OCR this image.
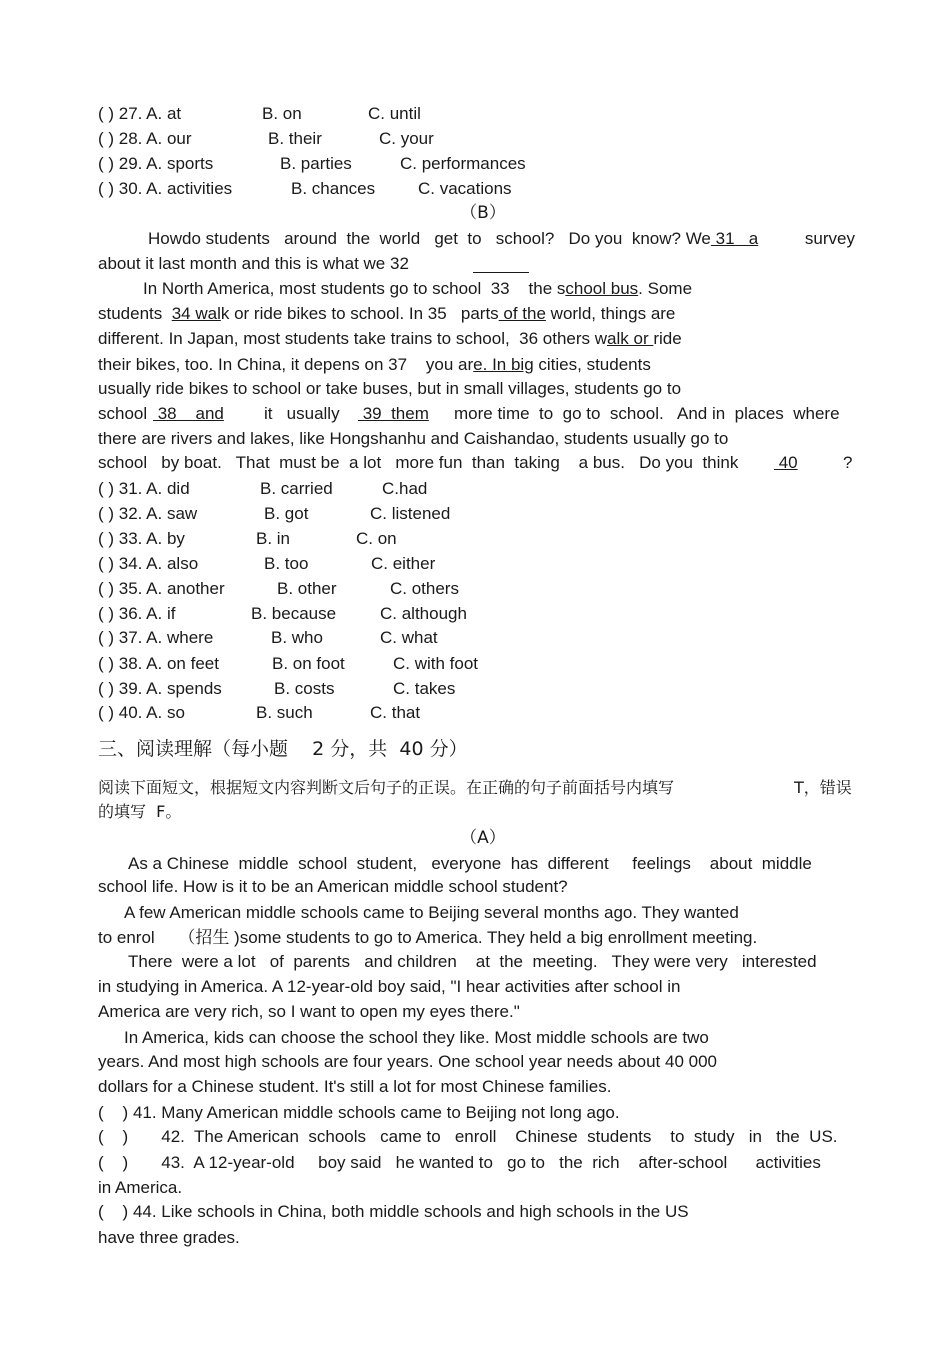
( ) 27. A. at	B. on	C. until
( ) 28. A. our	B. their	C. your
( ) 29. A. sports	B. parties	C. performances
( ) 30. A. activities	B. chances	C. vacations
（B）
Howdo students   around  the  world   get  to   school?   Do you  know? We 31   a	survey
about it last month and this is what we 32
In North America, most students go to school  33    the school bus. Some
students  34 walk or ride bikes to school. In 35   parts of the world, things are
different. In Japan, most students take trains to school,  36 others walk or ride
their bikes, too. In China, it depens on 37    you are. In big cities, students
usually ride bikes to school or take buses, but in small villages, students go to
school 38    and it   usually 39  them more time  to  go to  school.   And in  places  where
there are rivers and lakes, like Hongshanhu and Caishandao, students usually go to
school   by boat.   That  must be  a lot   more fun  than  taking    a bus.   Do you  think 40	?
( ) 31. A. did	B. carried	C.had
( ) 32. A. saw	B. got	C. listened
( ) 33. A. by	B. in	C. on
( ) 34. A. also	B. too	C. either
( ) 35. A. another	B. other	C. others
( ) 36. A. if	B. because	C. although
( ) 37. A. where	B. who	C. what
( ) 38. A. on feet	B. on foot	C. with foot
( ) 39. A. spends	B. costs	C. takes
( ) 40. A. so	B. such	C. that
三、阅读理解（每小题    2 分，共  40 分）
阅读下面短文，根据短文内容判断文后句子的正误。在正确的句子前面括号内填写	T，错误
的填写  F。
（A）
As a Chinese  middle  school  student,   everyone  has  different     feelings    about  middle
school life. How is it to be an American middle school student?
A few American middle schools came to Beijing several months ago. They wanted
to enrol     （招生 )some students to go to America. They held a big enrollment meeting.
There  were a lot   of  parents   and children    at  the  meeting.   They were very   interested
in studying in America. A 12-year-old boy said, "I hear activities after school in
America are very rich, so I want to open my eyes there."
In America, kids can choose the school they like. Most middle schools are two
years. And most high schools are four years. One school year needs about 40 000
dollars for a Chinese student. It's still a lot for most Chinese families.
(    ) 41. Many American middle schools came to Beijing not long ago.
(    )       42.  The American  schools   came to   enroll    Chinese  students    to  study   in   the  US.
(    )       43.  A 12-year-old     boy said   he wanted to   go to   the  rich    after-school      activities
in America.
(    ) 44. Like schools in China, both middle schools and high schools in the US
have three grades.
